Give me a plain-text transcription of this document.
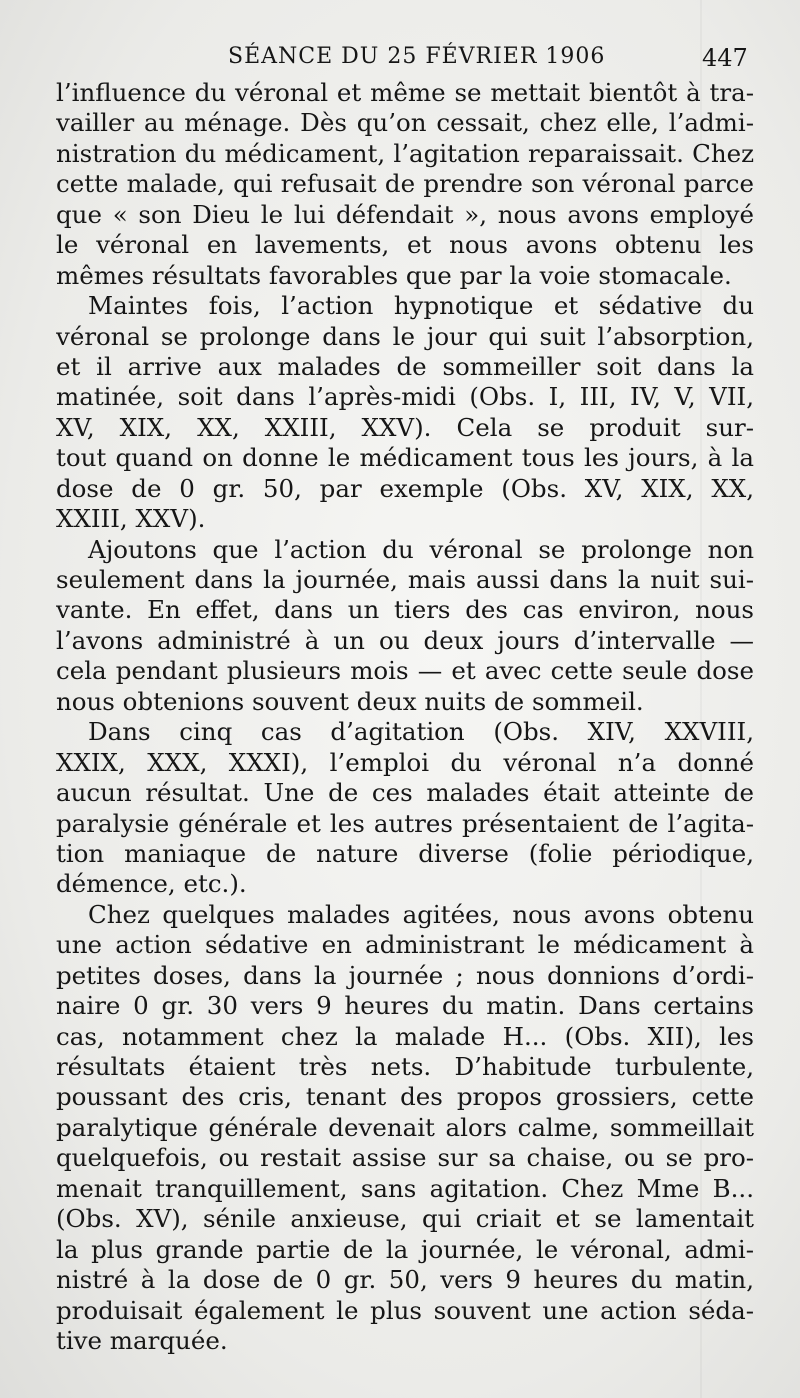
SÉANCE DU 25 FÉVRIER 1906	447
l’influence du véronal et même se mettait bientôt à tra-
vailler au ménage. Dès qu’on cessait, chez elle, l’admi-
nistration du médicament, l’agitation reparaissait. Chez
cette malade, qui refusait de prendre son véronal parce
que « son Dieu le lui défendait », nous avons employé
le véronal en lavements, et nous avons obtenu les
mêmes résultats favorables que par la voie stomacale.
Maintes fois, l’action hypnotique et sédative du
véronal se prolonge dans le jour qui suit l’absorption,
et il arrive aux malades de sommeiller soit dans la
matinée, soit dans l’après-midi (Obs. I, III, IV, V, VII,
XV, XIX, XX, XXIII, XXV). Cela se produit sur-
tout quand on donne le médicament tous les jours, à la
dose de 0 gr. 50, par exemple (Obs. XV, XIX, XX,
XXIII, XXV).
Ajoutons que l’action du véronal se prolonge non
seulement dans la journée, mais aussi dans la nuit sui-
vante. En effet, dans un tiers des cas environ, nous
l’avons administré à un ou deux jours d’intervalle —
cela pendant plusieurs mois — et avec cette seule dose
nous obtenions souvent deux nuits de sommeil.
Dans cinq cas d’agitation (Obs. XIV, XXVIII,
XXIX, XXX, XXXI), l’emploi du véronal n’a donné
aucun résultat. Une de ces malades était atteinte de
paralysie générale et les autres présentaient de l’agita-
tion maniaque de nature diverse (folie périodique,
démence, etc.).
Chez quelques malades agitées, nous avons obtenu
une action sédative en administrant le médicament à
petites doses, dans la journée ; nous donnions d’ordi-
naire 0 gr. 30 vers 9 heures du matin. Dans certains
cas, notamment chez la malade H... (Obs. XII), les
résultats étaient très nets. D’habitude turbulente,
poussant des cris, tenant des propos grossiers, cette
paralytique générale devenait alors calme, sommeillait
quelquefois, ou restait assise sur sa chaise, ou se pro-
menait tranquillement, sans agitation. Chez Mme B...
(Obs. XV), sénile anxieuse, qui criait et se lamentait
la plus grande partie de la journée, le véronal, admi-
nistré à la dose de 0 gr. 50, vers 9 heures du matin,
produisait également le plus souvent une action séda-
tive marquée.
